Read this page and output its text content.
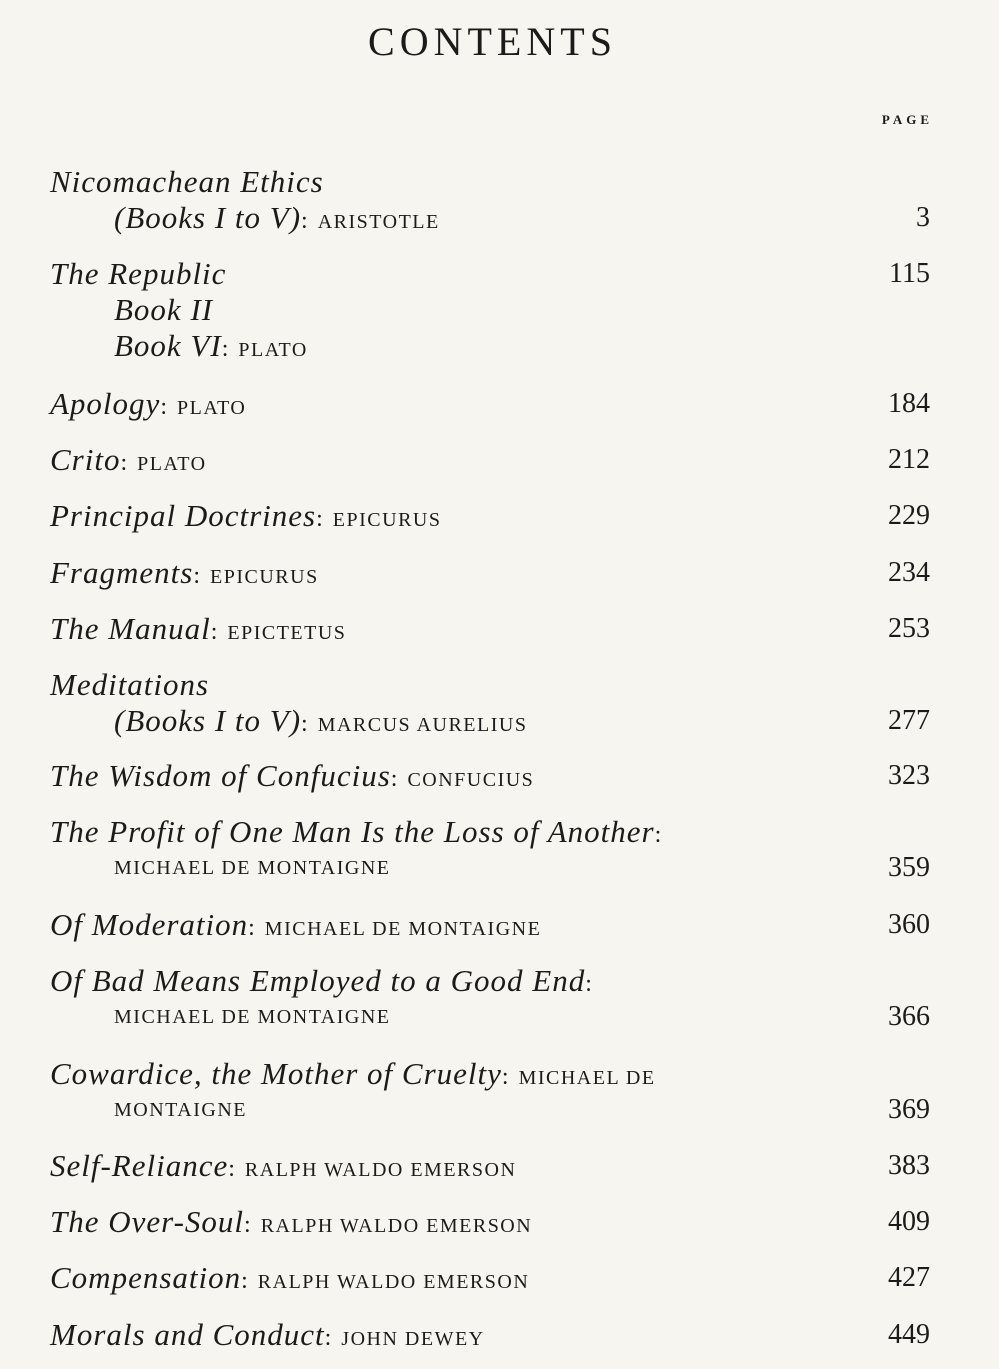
CONTENTS
PAGE
Nicomachean Ethics
(Books I to V): ARISTOTLE	3
The Republic	115
Book II
Book VI: PLATO
Apology: PLATO	184
Crito: PLATO	212
Principal Doctrines: EPICURUS	229
Fragments: EPICURUS	234
The Manual: EPICTETUS	253
Meditations
(Books I to V): MARCUS AURELIUS	277
The Wisdom of Confucius: CONFUCIUS	323
The Profit of One Man Is the Loss of Another:
MICHAEL DE MONTAIGNE	359
Of Moderation: MICHAEL DE MONTAIGNE	360
Of Bad Means Employed to a Good End:
MICHAEL DE MONTAIGNE	366
Cowardice, the Mother of Cruelty: MICHAEL DE
MONTAIGNE	369
Self-Reliance: RALPH WALDO EMERSON	383
The Over-Soul: RALPH WALDO EMERSON	409
Compensation: RALPH WALDO EMERSON	427
Morals and Conduct: JOHN DEWEY	449
